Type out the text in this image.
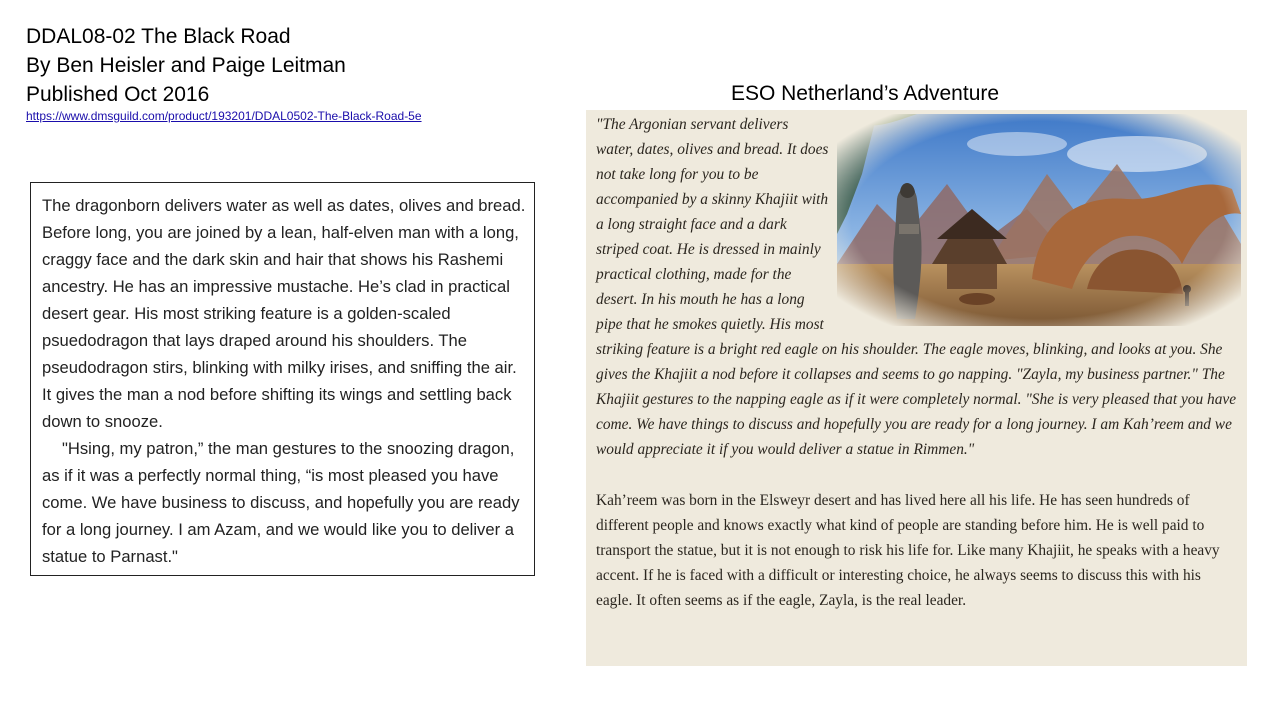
DDAL08-02 The Black Road
By Ben Heisler and Paige Leitman
Published Oct 2016
https://www.dmsguild.com/product/193201/DDAL0502-The-Black-Road-5e

The dragonborn delivers water as well as dates, olives and bread. Before long, you are joined by a lean, half-elven man with a long, craggy face and the dark skin and hair that shows his Rashemi ancestry. He has an impressive mustache. He’s clad in practical desert gear. His most striking feature is a golden-scaled psuedodragon that lays draped around his shoulders. The pseudodragon stirs, blinking with milky irises, and sniffing the air. It gives the man a nod before shifting its wings and settling back down to snooze.

"Hsing, my patron,” the man gestures to the snoozing dragon, as if it was a perfectly normal thing, “is most pleased you have come. We have business to discuss, and hopefully you are ready for a long journey. I am Azam, and we would like you to deliver a statue to Parnast."

ESO Netherland’s Adventure

"The Argonian servant delivers water, dates, olives and bread. It does not take long for you to be accompanied by a skinny Khajiit with a long straight face and a dark striped coat. He is dressed in mainly practical clothing, made for the desert. In his mouth he has a long pipe that he smokes quietly. His most striking feature is a bright red eagle on his shoulder. The eagle moves, blinking, and looks at you. She gives the Khajiit a nod before it collapses and seems to go napping. "Zayla, my business partner." The Khajiit gestures to the napping eagle as if it were completely normal. "She is very pleased that you have come. We have things to discuss and hopefully you are ready for a long journey. I am Kah’reem and we would appreciate it if you would deliver a statue in Rimmen."

Kah’reem was born in the Elsweyr desert and has lived here all his life. He has seen hundreds of different people and knows exactly what kind of people are standing before him. He is well paid to transport the statue, but it is not enough to risk his life for. Like many Khajiit, he speaks with a heavy accent. If he is faced with a difficult or interesting choice, he always seems to discuss this with his eagle. It often seems as if the eagle, Zayla, is the real leader.
